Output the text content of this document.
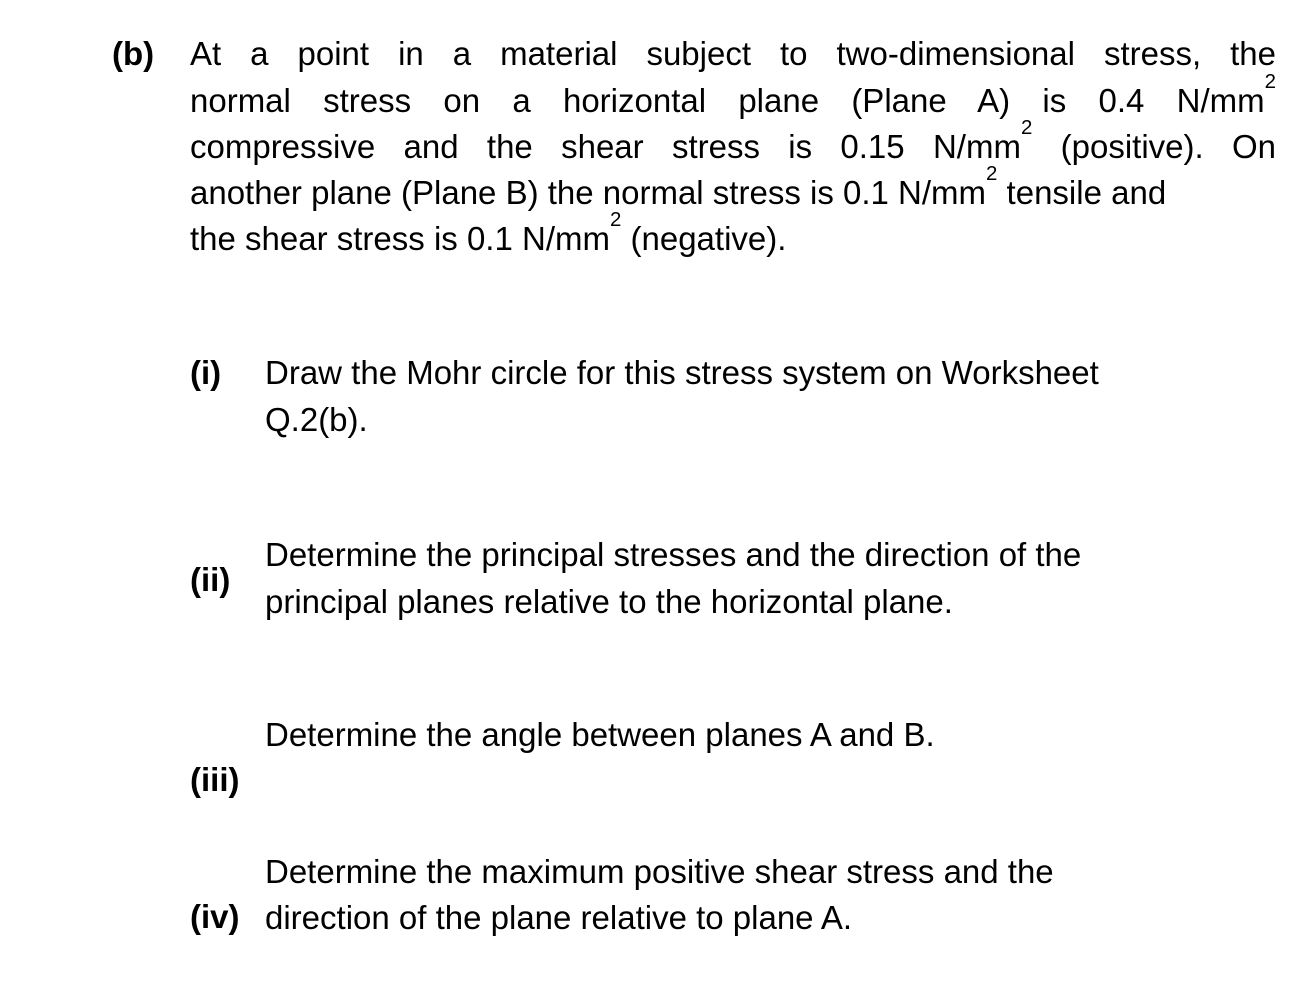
(b) At a point in a material subject to two-dimensional stress, the
normal stress on a horizontal plane (Plane A) is 0.4 $N/mm^2$
compressive and the shear stress is 0.15 $N/mm^2$ (positive). On
another plane (Plane B) the normal stress is 0.1 $N/mm^2$ tensile and
the shear stress is 0.1 $N/mm^2$ (negative).
(i) Draw the Mohr circle for this stress system on Worksheet
Q.2(b).
(ii)
Determine the principal stresses and the direction of the
principal planes relative to the horizontal plane.
(iii)
Determine the angle between planes A and B.
(iv)
Determine the maximum positive shear stress and the
direction of the plane relative to plane A.
